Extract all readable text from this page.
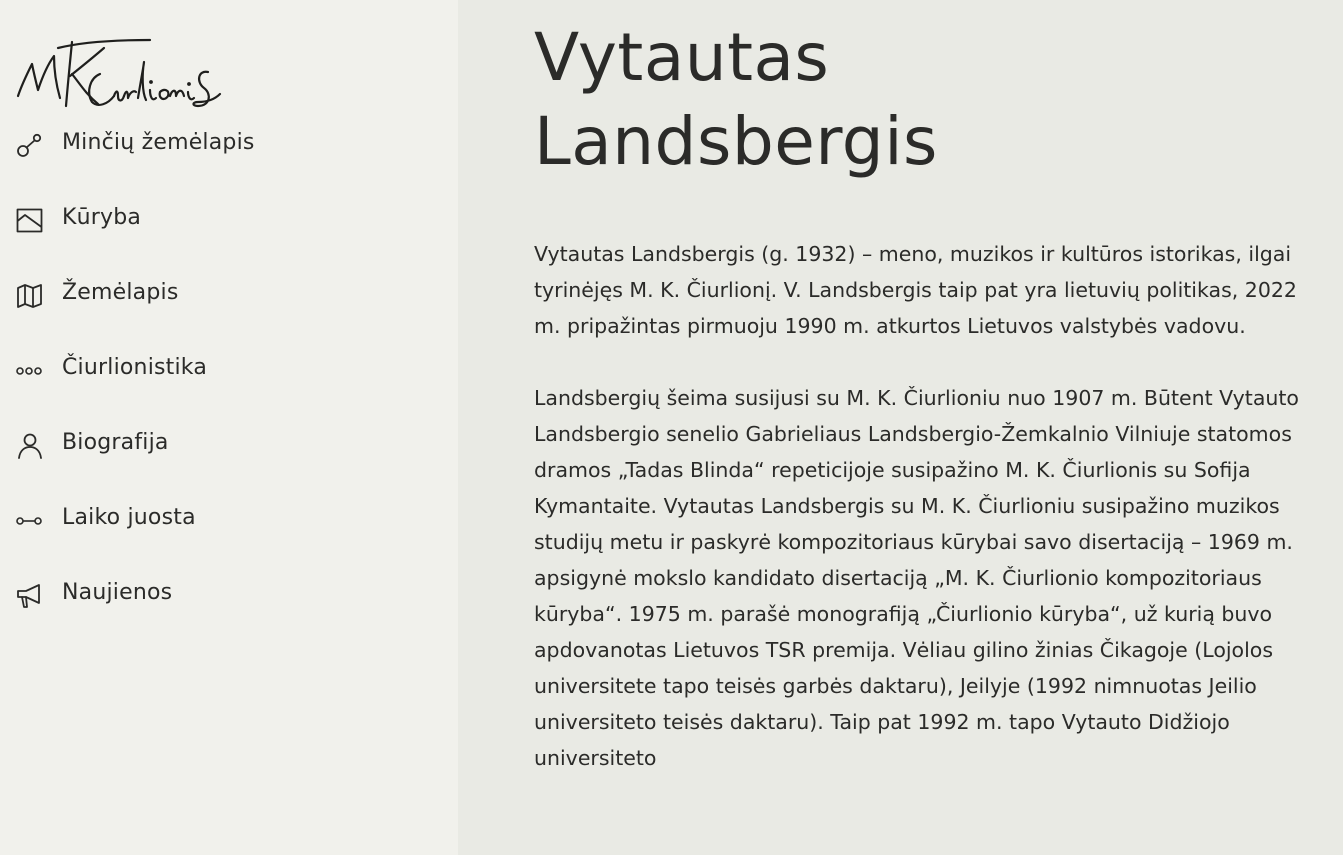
Minčių žemėlapis
Kūryba
Žemėlapis
Čiurlionistika
Biografija
Laiko juosta
Naujienos
Vytautas
Landsbergis

Vytautas Landsbergis (g. 1932) – meno, muzikos ir kultūros istorikas, ilgai tyrinėjęs M. K. Čiurlionį. V. Landsbergis taip pat yra lietuvių politikas, 2022 m. pripažintas pirmuoju 1990 m. atkurtos Lietuvos valstybės vadovu.

Landsbergių šeima susijusi su M. K. Čiurlioniu nuo 1907 m. Būtent Vytauto Landsbergio senelio Gabrieliaus Landsbergio-Žemkalnio Vilniuje statomos dramos „Tadas Blinda“ repeticijoje susipažino M. K. Čiurlionis su Sofija Kymantaite. Vytautas Landsbergis su M. K. Čiurlioniu susipažino muzikos studijų metu ir paskyrė kompozitoriaus kūrybai savo disertaciją – 1969 m. apsigynė mokslo kandidato disertaciją „M. K. Čiurlionio kompozitoriaus kūryba“. 1975 m. parašė monografiją „Čiurlionio kūryba“, už kurią buvo apdovanotas Lietuvos TSR premija. Vėliau gilino žinias Čikagoje (Lojolos universitete tapo teisės garbės daktaru), Jeilyje (1992 nimnuotas Jeilio universiteto teisės daktaru). Taip pat 1992 m. tapo Vytauto Didžiojo universiteto
